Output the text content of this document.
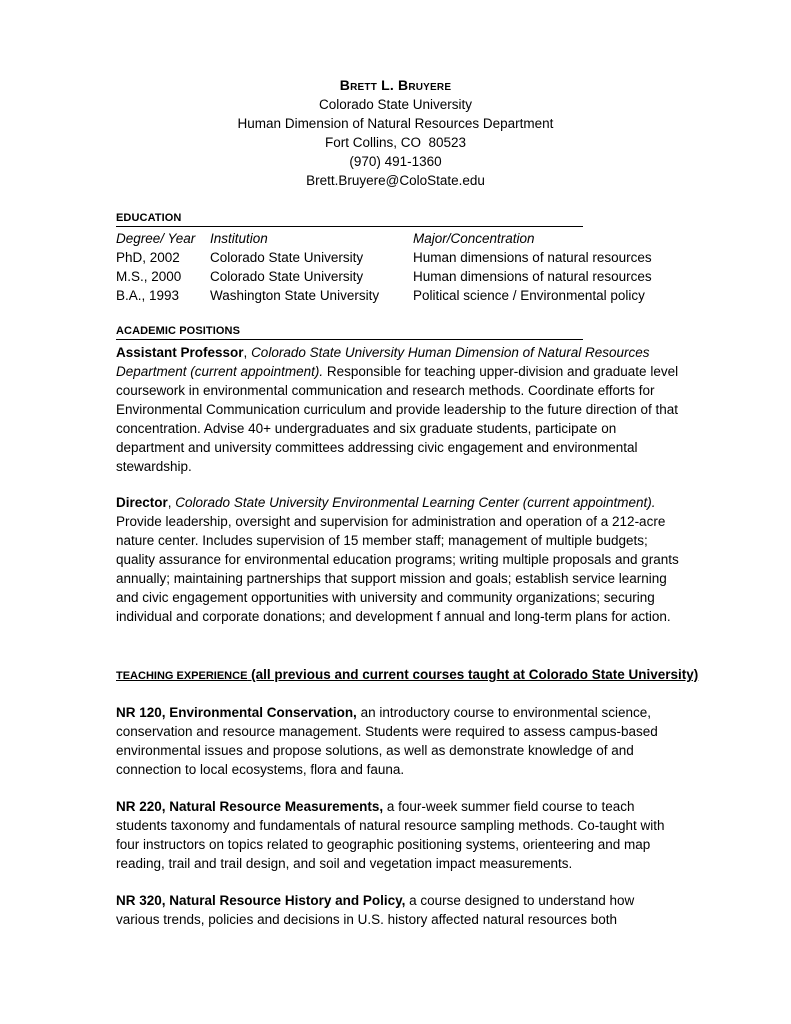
Brett L. Bruyere
Colorado State University
Human Dimension of Natural Resources Department
Fort Collins, CO  80523
(970) 491-1360
Brett.Bruyere@ColoState.edu
EDUCATION
Degree/ Year	Institution	Major/Concentration
PhD, 2002	Colorado State University	Human dimensions of natural resources
M.S., 2000	Colorado State University	Human dimensions of natural resources
B.A., 1993	Washington State University	Political science / Environmental policy
ACADEMIC POSITIONS
Assistant Professor, Colorado State University Human Dimension of Natural Resources Department (current appointment). Responsible for teaching upper-division and graduate level coursework in environmental communication and research methods. Coordinate efforts for Environmental Communication curriculum and provide leadership to the future direction of that concentration. Advise 40+ undergraduates and six graduate students, participate on department and university committees addressing civic engagement and environmental stewardship.
Director, Colorado State University Environmental Learning Center (current appointment). Provide leadership, oversight and supervision for administration and operation of a 212-acre nature center. Includes supervision of 15 member staff; management of multiple budgets; quality assurance for environmental education programs; writing multiple proposals and grants annually; maintaining partnerships that support mission and goals; establish service learning and civic engagement opportunities with university and community organizations; securing individual and corporate donations; and development f annual and long-term plans for action.
TEACHING EXPERIENCE (all previous and current courses taught at Colorado State University)
NR 120, Environmental Conservation, an introductory course to environmental science, conservation and resource management. Students were required to assess campus-based environmental issues and propose solutions, as well as demonstrate knowledge of and connection to local ecosystems, flora and fauna.
NR 220, Natural Resource Measurements, a four-week summer field course to teach students taxonomy and fundamentals of natural resource sampling methods. Co-taught with four instructors on topics related to geographic positioning systems, orienteering and map reading, trail and trail design, and soil and vegetation impact measurements.
NR 320, Natural Resource History and Policy, a course designed to understand how various trends, policies and decisions in U.S. history affected natural resources both
